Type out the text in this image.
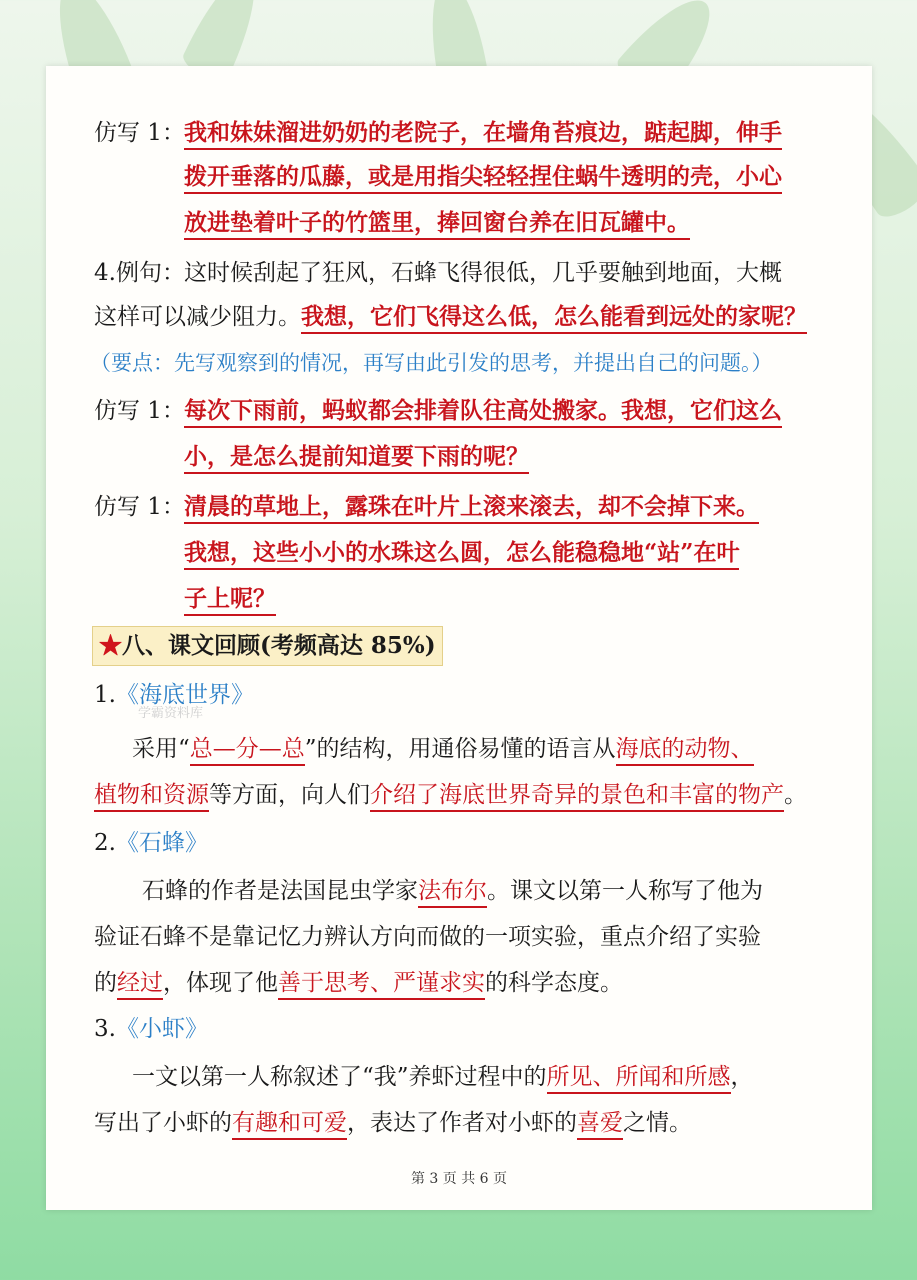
仿写 1： 我和妹妹溜进奶奶的老院子，在墙角苔痕边，踮起脚，伸手
拨开垂落的瓜藤，或是用指尖轻轻捏住蜗牛透明的壳，小心
放进垫着叶子的竹篮里，捧回窗台养在旧瓦罐中。
4.例句： 这时候刮起了狂风，石蜂飞得很低，几乎要触到地面，大概
这样可以减少阻力。我想，它们飞得这么低，怎么能看到远处的家呢？
（要点：先写观察到的情况，再写由此引发的思考，并提出自己的问题。）
仿写 1： 每次下雨前，蚂蚁都会排着队往高处搬家。我想，它们这么
小，是怎么提前知道要下雨的呢？
仿写 1： 清晨的草地上，露珠在叶片上滚来滚去，却不会掉下来。
我想，这些小小的水珠这么圆，怎么能稳稳地“站”在叶
子上呢？
★八、课文回顾(考频高达 85%)
1.《海底世界》
学霸资料库
采用“总—分—总”的结构，用通俗易懂的语言从海底的动物、
植物和资源等方面，向人们介绍了海底世界奇异的景色和丰富的物产。
2.《石蜂》
石蜂的作者是法国昆虫学家法布尔。课文以第一人称写了他为
验证石蜂不是靠记忆力辨认方向而做的一项实验，重点介绍了实验
的经过，体现了他善于思考、严谨求实的科学态度。
3.《小虾》
一文以第一人称叙述了“我”养虾过程中的所见、所闻和所感，
写出了小虾的有趣和可爱，表达了作者对小虾的喜爱之情。
第 3 页 共 6 页
